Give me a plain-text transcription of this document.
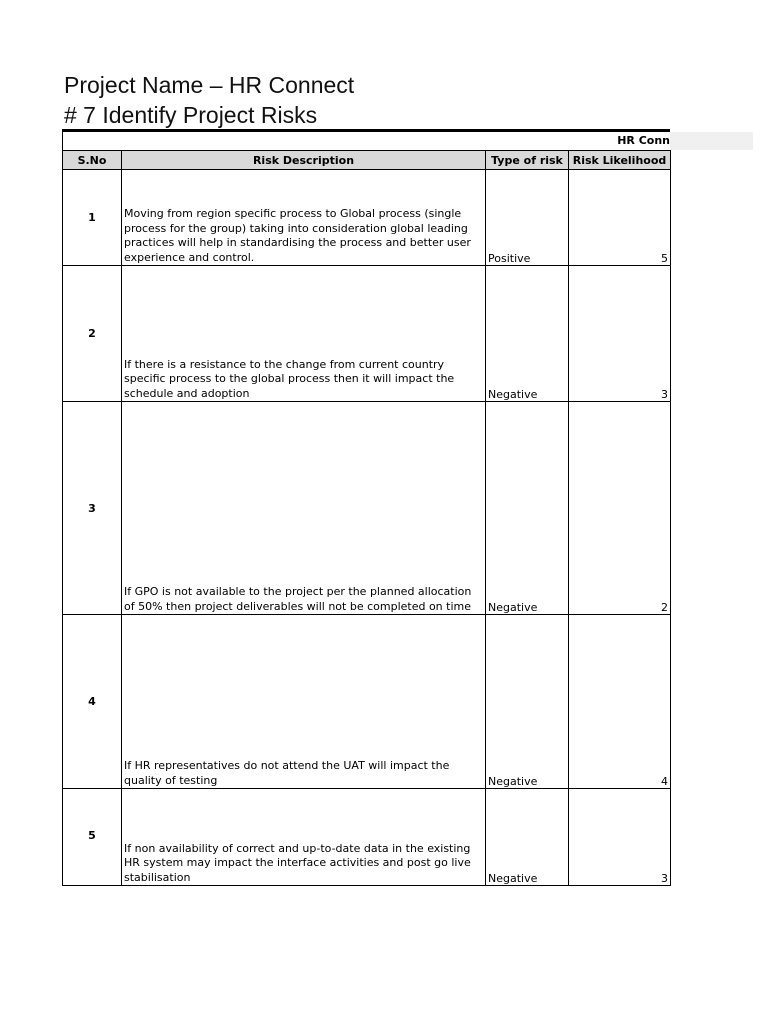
Project Name – HR Connect
# 7 Identify Project Risks
HR Conn
S.No	Risk Description	Type of risk	Risk Likelihood
1	Moving from region specific process to Global process (single process for the group) taking into consideration global leading practices will help in standardising the process and better user experience and control.	Positive	5
2	If there is a resistance to the change from current country specific process to the global process then it will impact the schedule and adoption	Negative	3
3	If GPO is not available to the project per the planned allocation of 50% then project deliverables will not be completed on time	Negative	2
4	If HR representatives do not attend the UAT will impact the quality of testing	Negative	4
5	If non availability of correct and up-to-date data in the existing HR system may impact the interface activities and post go live stabilisation	Negative	3
